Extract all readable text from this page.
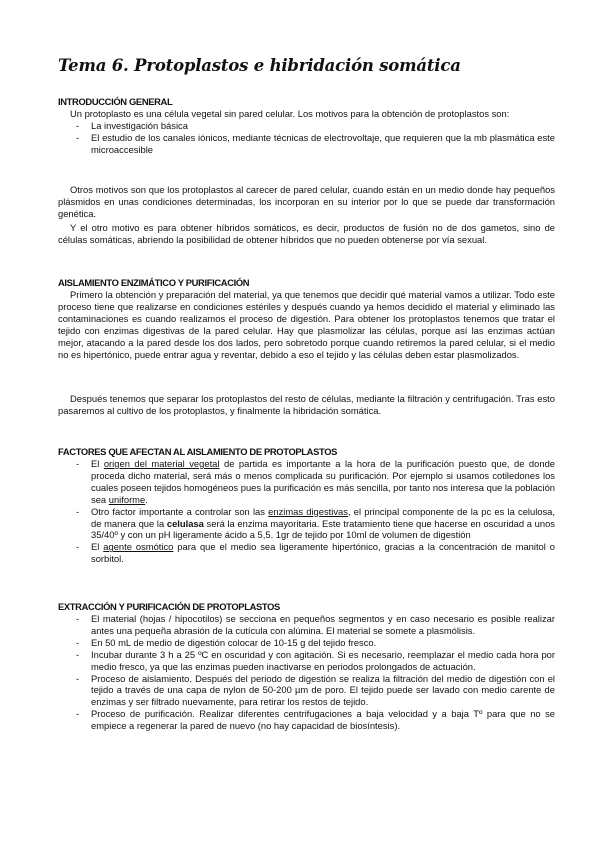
Tema 6. Protoplastos e hibridación somática
INTRODUCCIÓN GENERAL

Un protoplasto es una célula vegetal sin pared celular. Los motivos para la obtención de protoplastos son:

- La investigación básica
- El estudio de los canales iónicos, mediante técnicas de electrovoltaje, que requieren que la mb plasmática este microaccesible

Otros motivos son que los protoplastos al carecer de pared celular, cuando están en un medio donde hay pequeños plásmidos en unas condiciones determinadas, los incorporan en su interior por lo que se puede dar transformación genética.

Y el otro motivo es para obtener híbridos somáticos, es decir, productos de fusión no de dos gametos, sino de células somáticas, abriendo la posibilidad de obtener híbridos que no pueden obtenerse por vía sexual.

AISLAMIENTO ENZIMÁTICO Y PURIFICACIÓN

Primero la obtención y preparación del material, ya que tenemos que decidir qué material vamos a utilizar. Todo este proceso tiene que realizarse en condiciones estériles y después cuando ya hemos decidido el material y eliminado las contaminaciones es cuando realizamos el proceso de digestión. Para obtener los protoplastos tenemos que tratar el tejido con enzimas digestivas de la pared celular. Hay que plasmolizar las células, porque así las enzimas actúan mejor, atacando a la pared desde los dos lados, pero sobretodo porque cuando retiremos la pared celular, si el medio no es hipertónico, puede entrar agua y reventar, debido a eso el tejido y las células deben estar plasmolizados.

Después tenemos que separar los protoplastos del resto de células, mediante la filtración y centrifugación. Tras esto pasaremos al cultivo de los protoplastos, y finalmente la hibridación somática.

FACTORES QUE AFECTAN AL AISLAMIENTO DE PROTOPLASTOS
- El origen del material vegetal de partida es importante a la hora de la purificación puesto que, de donde proceda dicho material, será más o menos complicada su purificación. Por ejemplo si usamos cotiledones los cuales poseen tejidos homogéneos pues la purificación es más sencilla, por tanto nos interesa que la población sea uniforme.
- Otro factor importante a controlar son las enzimas digestivas, el principal componente de la pc es la celulosa, de manera que la celulasa será la enzima mayoritaria. Este tratamiento tiene que hacerse en oscuridad a unos 35/40º y con un pH ligeramente ácido a 5,5. 1gr de tejido por 10ml de volumen de digestión
- El agente osmótico para que el medio sea ligeramente hipertónico, gracias a la concentración de manitol o sorbitol.
EXTRACCIÓN Y PURIFICACIÓN DE PROTOPLASTOS
- El material (hojas / hipocotilos) se secciona en pequeños segmentos y en caso necesario es posible realizar antes una pequeña abrasión de la cutícula con alúmina. El material se somete a plasmólisis.
- En 50 mL de medio de digestión colocar de 10-15 g del tejido fresco.
- Incubar durante 3 h a 25 ºC en oscuridad y con agitación. Si es necesario, reemplazar el medio cada hora por medio fresco, ya que las enzimas pueden inactivarse en periodos prolongados de actuación.
- Proceso de aislamiento. Después del periodo de digestión se realiza la filtración del medio de digestión con el tejido a través de una capa de nylon de 50-200 µm de poro. El tejido puede ser lavado con medio carente de enzimas y ser filtrado nuevamente, para retirar los restos de tejido.
- Proceso de purificación. Realizar diferentes centrifugaciones a baja velocidad y a baja Tº para que no se empiece a regenerar la pared de nuevo (no hay capacidad de biosíntesis).
